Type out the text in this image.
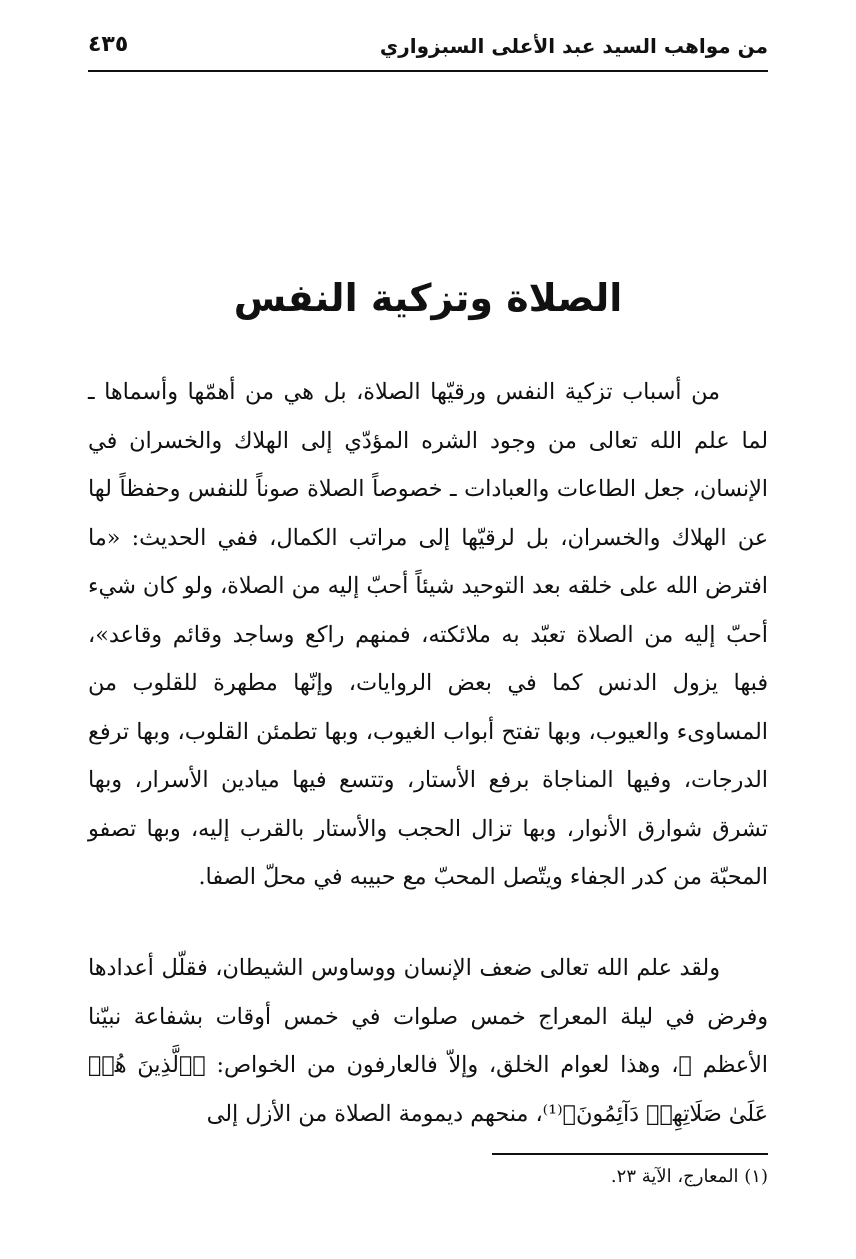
من مواهب السيد عبد الأعلى السبزواري
٤٣٥
الصلاة وتزكية النفس

من أسباب تزكية النفس ورقيّها الصلاة، بل هي من أهمّها وأسماها ـ لما علم الله تعالى من وجود الشره المؤدّي إلى الهلاك والخسران في الإنسان، جعل الطاعات والعبادات ـ خصوصاً الصلاة صوناً للنفس وحفظاً لها عن الهلاك والخسران، بل لرقيّها إلى مراتب الكمال، ففي الحديث: «ما افترض الله على خلقه بعد التوحيد شيئاً أحبّ إليه من الصلاة، ولو كان شيء أحبّ إليه من الصلاة تعبّد به ملائكته، فمنهم راكع وساجد وقائم وقاعد»، فبها يزول الدنس كما في بعض الروايات، وإنّها مطهرة للقلوب من المساوىء والعيوب، وبها تفتح أبواب الغيوب، وبها تطمئن القلوب، وبها ترفع الدرجات، وفيها المناجاة برفع الأستار، وتتسع فيها ميادين الأسرار، وبها تشرق شوارق الأنوار، وبها تزال الحجب والأستار بالقرب إليه، وبها تصفو المحبّة من كدر الجفاء ويتّصل المحبّ مع حبيبه في محلّ الصفا.

ولقد علم الله تعالى ضعف الإنسان ووساوس الشيطان، فقلّل أعدادها وفرض في ليلة المعراج خمس صلوات في خمس أوقات بشفاعة نبيّنا الأعظم ﷺ، وهذا لعوام الخلق، وإلاّ فالعارفون من الخواص: ﴿ٱلَّذِينَ هُمۡ عَلَىٰ صَلَاتِهِمۡ دَآئِمُونَ﴾⁽¹⁾، منحهم ديمومة الصلاة من الأزل إلى

(١) المعارج، الآية ٢٣.
